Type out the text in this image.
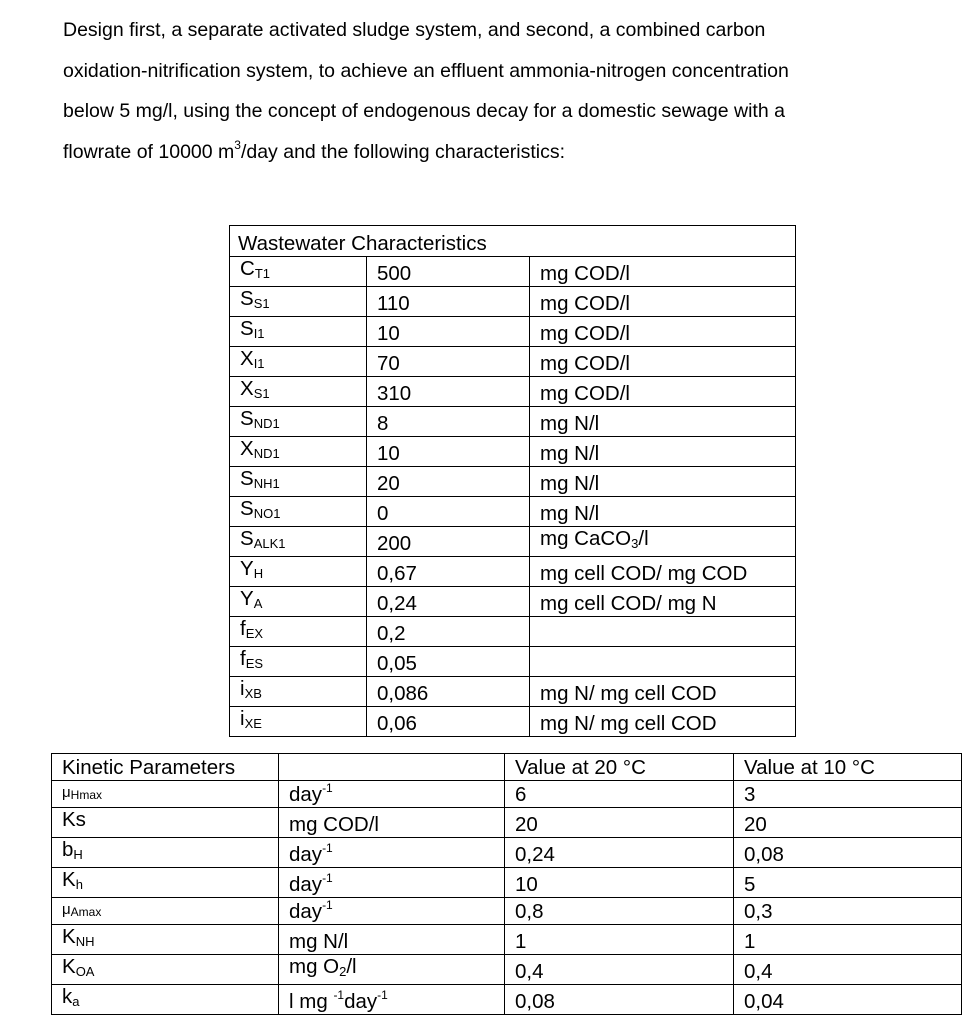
Design first, a separate activated sludge system, and second, a combined carbon
oxidation-nitrification system, to achieve an effluent ammonia-nitrogen concentration
below 5 mg/l, using the concept of endogenous decay for a domestic sewage with a
flowrate of 10000 $m^3$/day and the following characteristics:
Wastewater Characteristics		
$C_{T1}$	500	mg COD/l
$S_{S1}$	110	mg COD/l
$S_{I1}$	10	mg COD/l
$X_{I1}$	70	mg COD/l
$X_{S1}$	310	mg COD/l
$S_{ND1}$	8	mg N/l
$X_{ND1}$	10	mg N/l
$S_{NH1}$	20	mg N/l
$S_{NO1}$	0	mg N/l
$S_{ALK1}$	200	mg CaCO$_3$/l
$Y_H$	0,67	mg cell COD/ mg COD
$Y_A$	0,24	mg cell COD/ mg N
$f_{EX}$	0,2	
$f_{ES}$	0,05	
$i_{XB}$	0,086	mg N/ mg cell COD
$i_{XE}$	0,06	mg N/ mg cell COD
Kinetic Parameters		Value at 20 °C	Value at 10 °C
$\mu_{Hmax}$	day$^{-1}$	6	3
Ks	mg COD/l	20	20
$b_H$	day$^{-1}$	0,24	0,08
$K_h$	day$^{-1}$	10	5
$\mu_{Amax}$	day$^{-1}$	0,8	0,3
$K_{NH}$	mg N/l	1	1
$K_{OA}$	mg $O_2/l$	0,4	0,4
$k_a$	l mg $^{-1}$day$^{-1}$	0,08	0,04
